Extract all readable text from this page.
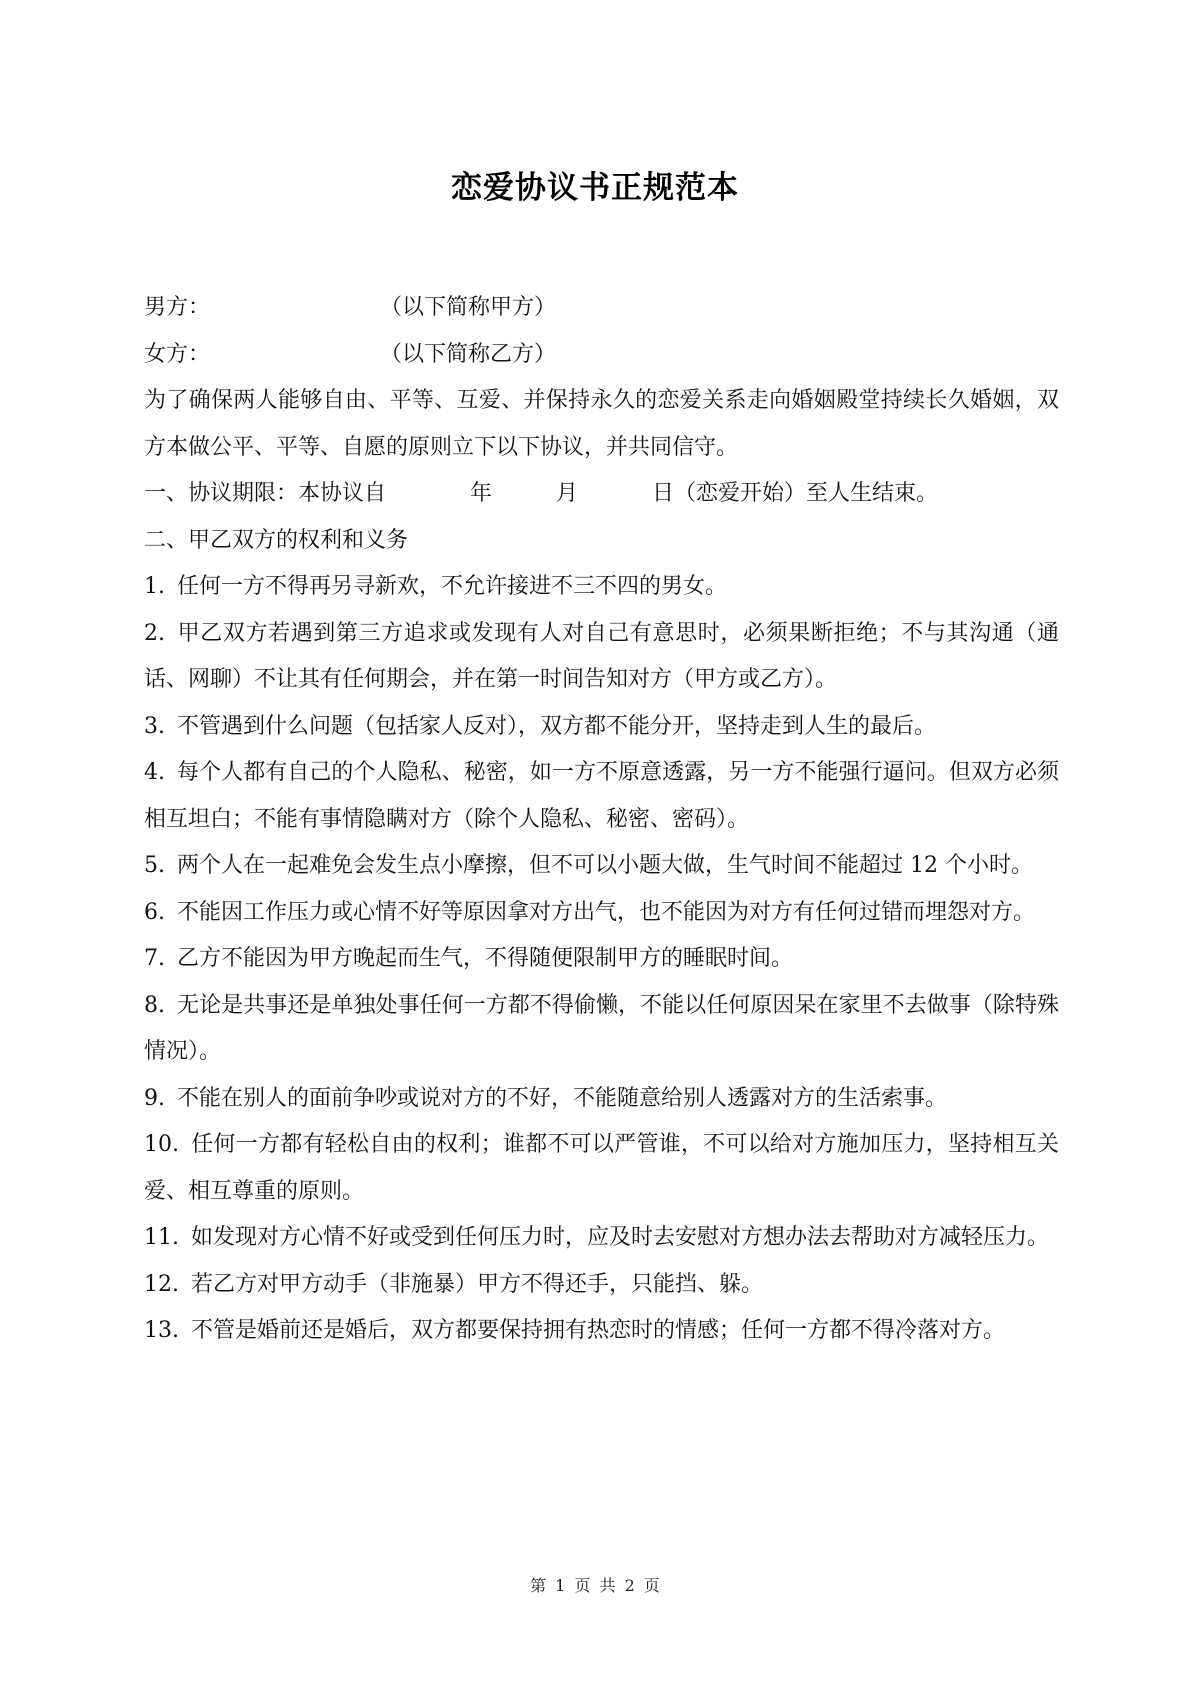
恋爱协议书正规范本
男方：	（以下简称甲方）
女方：	（以下简称乙方）
为了确保两人能够自由、平等、互爱、并保持永久的恋爱关系走向婚姻殿堂持续长久婚姻，双方本做公平、平等、自愿的原则立下以下协议，并共同信守。
一、协议期限：本协议自	年	月	日（恋爱开始）至人生结束。
二、甲乙双方的权利和义务
1. 任何一方不得再另寻新欢，不允许接进不三不四的男女。
2. 甲乙双方若遇到第三方追求或发现有人对自己有意思时，必须果断拒绝；不与其沟通（通话、网聊）不让其有任何期会，并在第一时间告知对方（甲方或乙方）。
3. 不管遇到什么问题（包括家人反对），双方都不能分开，坚持走到人生的最后。
4. 每个人都有自己的个人隐私、秘密，如一方不原意透露，另一方不能强行逼问。但双方必须相互坦白；不能有事情隐瞒对方（除个人隐私、秘密、密码）。
5. 两个人在一起难免会发生点小摩擦，但不可以小题大做，生气时间不能超过 12 个小时。
6. 不能因工作压力或心情不好等原因拿对方出气，也不能因为对方有任何过错而埋怨对方。
7. 乙方不能因为甲方晚起而生气，不得随便限制甲方的睡眠时间。
8. 无论是共事还是单独处事任何一方都不得偷懒，不能以任何原因呆在家里不去做事（除特殊情况）。
9. 不能在别人的面前争吵或说对方的不好，不能随意给别人透露对方的生活索事。
10. 任何一方都有轻松自由的权利；谁都不可以严管谁，不可以给对方施加压力，坚持相互关爱、相互尊重的原则。
11. 如发现对方心情不好或受到任何压力时，应及时去安慰对方想办法去帮助对方减轻压力。
12. 若乙方对甲方动手（非施暴）甲方不得还手，只能挡、躲。
13. 不管是婚前还是婚后，双方都要保持拥有热恋时的情感；任何一方都不得冷落对方。
第 1 页 共 2 页
